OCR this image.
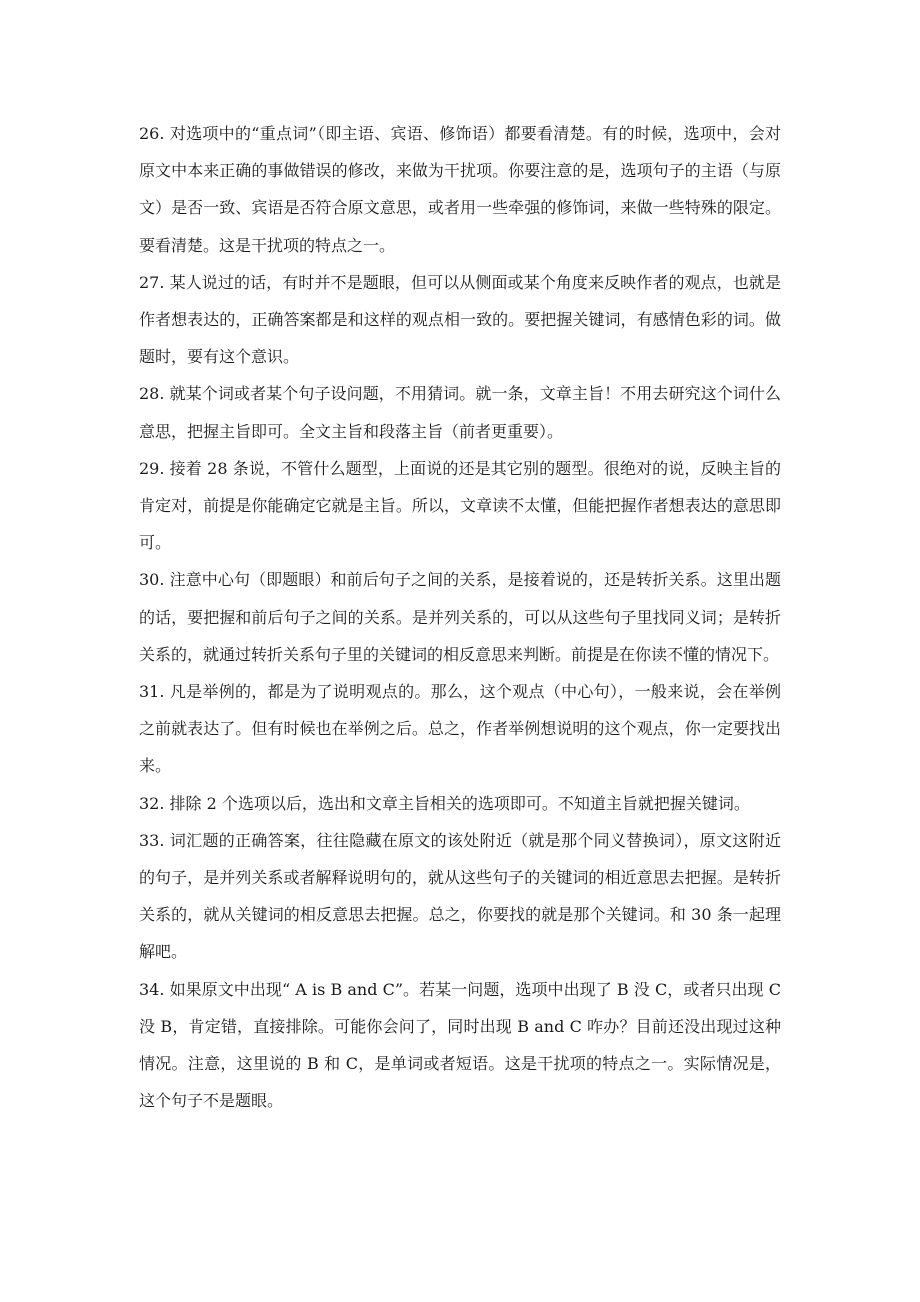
26. 对选项中的“重点词”（即主语、宾语、修饰语）都要看清楚。有的时候，选项中，会对原文中本来正确的事做错误的修改，来做为干扰项。你要注意的是，选项句子的主语（与原文）是否一致、宾语是否符合原文意思，或者用一些牵强的修饰词，来做一些特殊的限定。要看清楚。这是干扰项的特点之一。

27. 某人说过的话，有时并不是题眼，但可以从侧面或某个角度来反映作者的观点，也就是作者想表达的，正确答案都是和这样的观点相一致的。要把握关键词，有感情色彩的词。做题时，要有这个意识。

28. 就某个词或者某个句子设问题，不用猜词。就一条，文章主旨！不用去研究这个词什么意思，把握主旨即可。全文主旨和段落主旨（前者更重要）。

29. 接着 28 条说，不管什么题型，上面说的还是其它别的题型。很绝对的说，反映主旨的肯定对，前提是你能确定它就是主旨。所以，文章读不太懂，但能把握作者想表达的意思即可。

30. 注意中心句（即题眼）和前后句子之间的关系，是接着说的，还是转折关系。这里出题的话，要把握和前后句子之间的关系。是并列关系的，可以从这些句子里找同义词；是转折关系的，就通过转折关系句子里的关键词的相反意思来判断。前提是在你读不懂的情况下。

31. 凡是举例的，都是为了说明观点的。那么，这个观点（中心句），一般来说，会在举例之前就表达了。但有时候也在举例之后。总之，作者举例想说明的这个观点，你一定要找出来。

32. 排除 2 个选项以后，选出和文章主旨相关的选项即可。不知道主旨就把握关键词。

33. 词汇题的正确答案，往往隐藏在原文的该处附近（就是那个同义替换词），原文这附近的句子，是并列关系或者解释说明句的，就从这些句子的关键词的相近意思去把握。是转折关系的，就从关键词的相反意思去把握。总之，你要找的就是那个关键词。和 30 条一起理解吧。

34. 如果原文中出现“ A is B and C”。若某一问题，选项中出现了 B 没 C，或者只出现 C 没 B，肯定错，直接排除。可能你会问了，同时出现 B and C 咋办？目前还没出现过这种情况。注意，这里说的 B 和 C，是单词或者短语。这是干扰项的特点之一。实际情况是，这个句子不是题眼。
